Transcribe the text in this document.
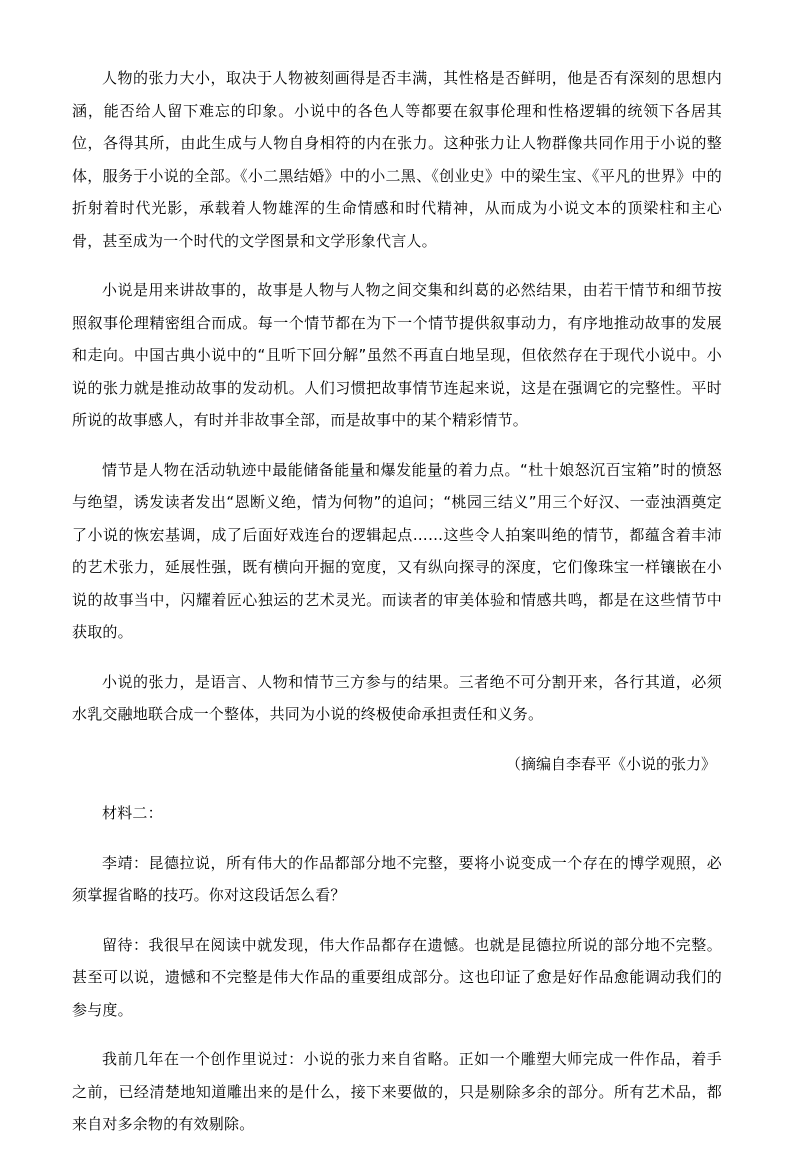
人物的张力大小，取决于人物被刻画得是否丰满，其性格是否鲜明，他是否有深刻的思想内涵，能否给人留下难忘的印象。小说中的各色人等都要在叙事伦理和性格逻辑的统领下各居其位，各得其所，由此生成与人物自身相符的内在张力。这种张力让人物群像共同作用于小说的整体，服务于小说的全部。《小二黑结婚》中的小二黑、《创业史》中的梁生宝、《平凡的世界》中的折射着时代光影，承载着人物雄浑的生命情感和时代精神，从而成为小说文本的顶梁柱和主心骨，甚至成为一个时代的文学图景和文学形象代言人。

小说是用来讲故事的，故事是人物与人物之间交集和纠葛的必然结果，由若干情节和细节按照叙事伦理精密组合而成。每一个情节都在为下一个情节提供叙事动力，有序地推动故事的发展和走向。中国古典小说中的“且听下回分解”虽然不再直白地呈现，但依然存在于现代小说中。小说的张力就是推动故事的发动机。人们习惯把故事情节连起来说，这是在强调它的完整性。平时所说的故事感人，有时并非故事全部，而是故事中的某个精彩情节。

情节是人物在活动轨迹中最能储备能量和爆发能量的着力点。“杜十娘怒沉百宝箱”时的愤怒与绝望，诱发读者发出“恩断义绝，情为何物”的追问；“桃园三结义”用三个好汉、一壶浊酒奠定了小说的恢宏基调，成了后面好戏连台的逻辑起点……这些令人拍案叫绝的情节，都蕴含着丰沛的艺术张力，延展性强，既有横向开掘的宽度，又有纵向探寻的深度，它们像珠宝一样镶嵌在小说的故事当中，闪耀着匠心独运的艺术灵光。而读者的审美体验和情感共鸣，都是在这些情节中获取的。

小说的张力，是语言、人物和情节三方参与的结果。三者绝不可分割开来，各行其道，必须水乳交融地联合成一个整体，共同为小说的终极使命承担责任和义务。

（摘编自李春平《小说的张力》

材料二：

李靖：昆德拉说，所有伟大的作品都部分地不完整，要将小说变成一个存在的博学观照，必须掌握省略的技巧。你对这段话怎么看？

留待：我很早在阅读中就发现，伟大作品都存在遗憾。也就是昆德拉所说的部分地不完整。甚至可以说，遗憾和不完整是伟大作品的重要组成部分。这也印证了愈是好作品愈能调动我们的参与度。

我前几年在一个创作里说过：小说的张力来自省略。正如一个雕塑大师完成一件作品，着手之前，已经清楚地知道雕出来的是什么，接下来要做的，只是剔除多余的部分。所有艺术品，都来自对多余物的有效剔除。
